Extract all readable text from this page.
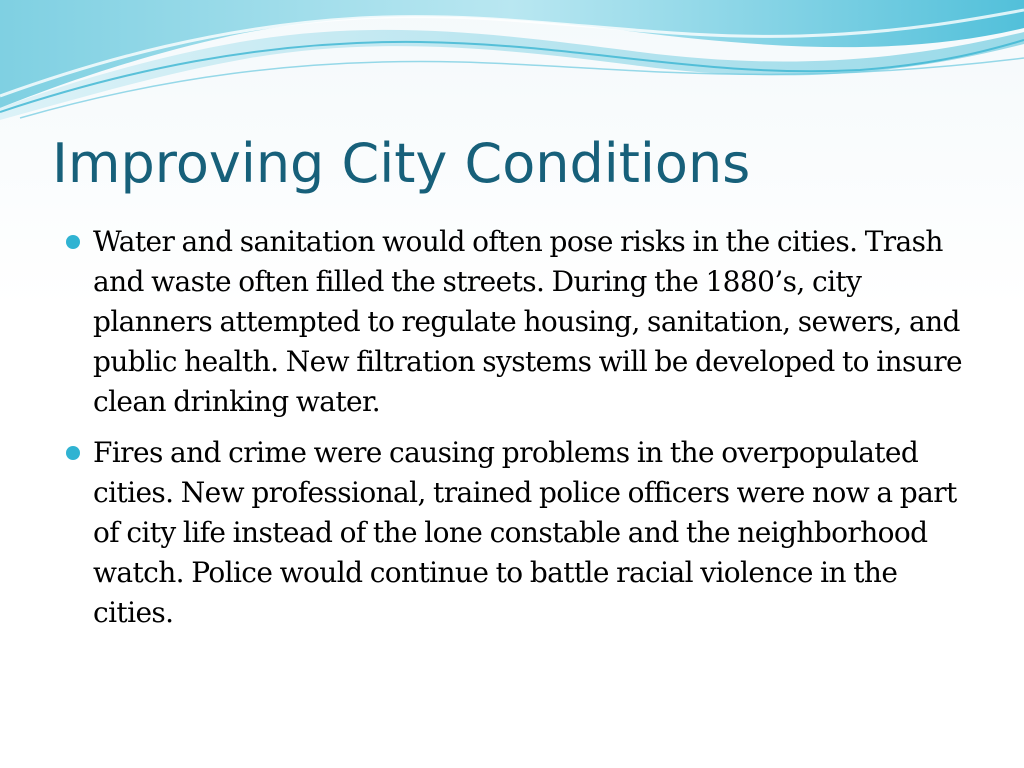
Improving City Conditions
Water and sanitation would often pose risks in the cities. Trash and waste often filled the streets. During the 1880’s, city planners attempted to regulate housing, sanitation, sewers, and public health. New filtration systems will be developed to insure clean drinking water.
Fires and crime were causing problems in the overpopulated cities. New professional, trained police officers were now a part of city life instead of the lone constable and the neighborhood watch. Police would continue to battle racial violence in the cities.
